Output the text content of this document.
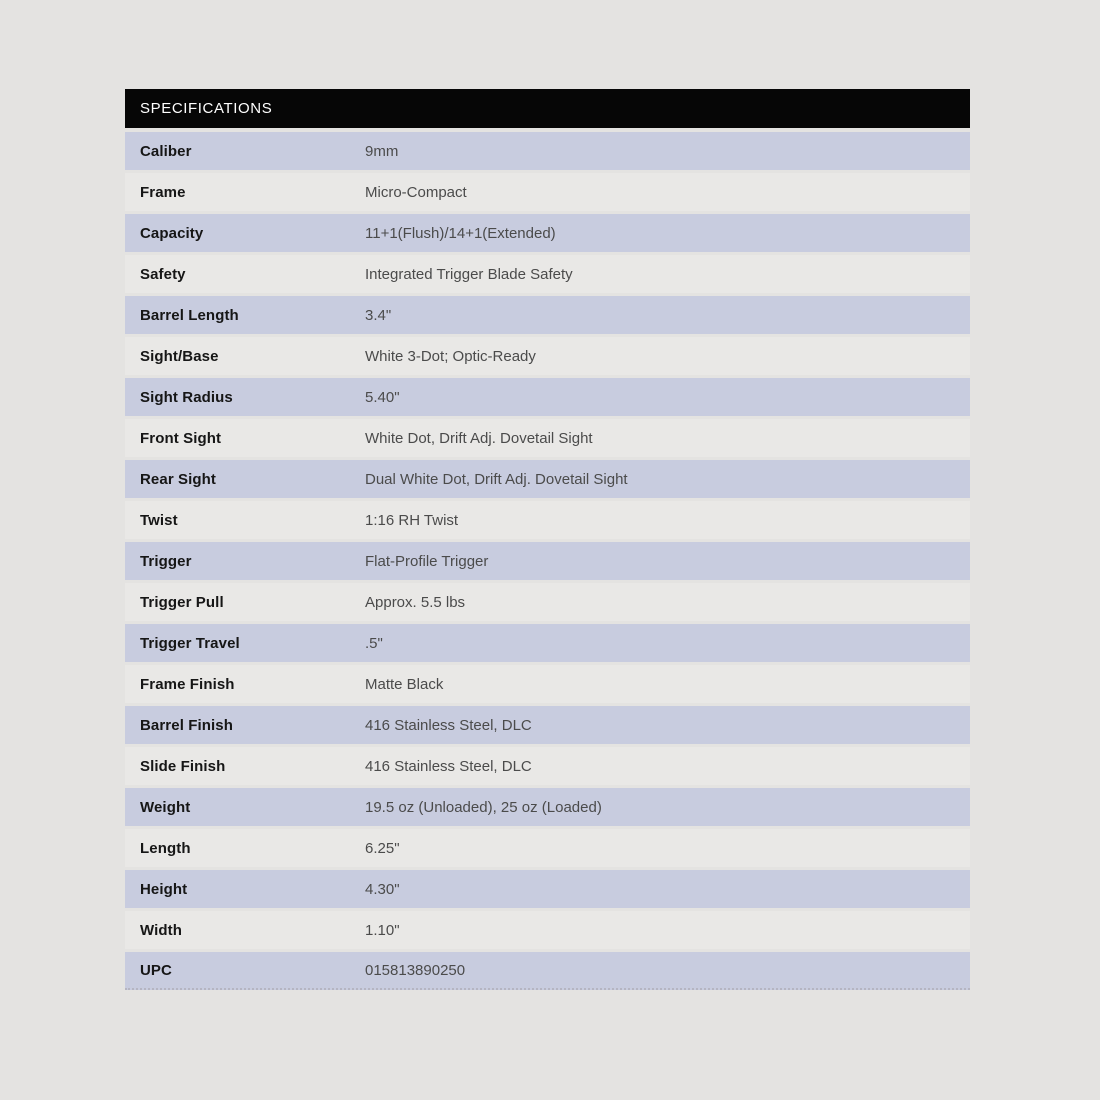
SPECIFICATIONS
Caliber	9mm
Frame	Micro-Compact
Capacity	11+1(Flush)/14+1(Extended)
Safety	Integrated Trigger Blade Safety
Barrel Length	3.4"
Sight/Base	White 3-Dot; Optic-Ready
Sight Radius	5.40"
Front Sight	White Dot, Drift Adj. Dovetail Sight
Rear Sight	Dual White Dot, Drift Adj. Dovetail Sight
Twist	1:16 RH Twist
Trigger	Flat-Profile Trigger
Trigger Pull	Approx. 5.5 lbs
Trigger Travel	.5"
Frame Finish	Matte Black
Barrel Finish	416 Stainless Steel, DLC
Slide Finish	416 Stainless Steel, DLC
Weight	19.5 oz (Unloaded), 25 oz (Loaded)
Length	6.25"
Height	4.30"
Width	1.10"
UPC	015813890250
